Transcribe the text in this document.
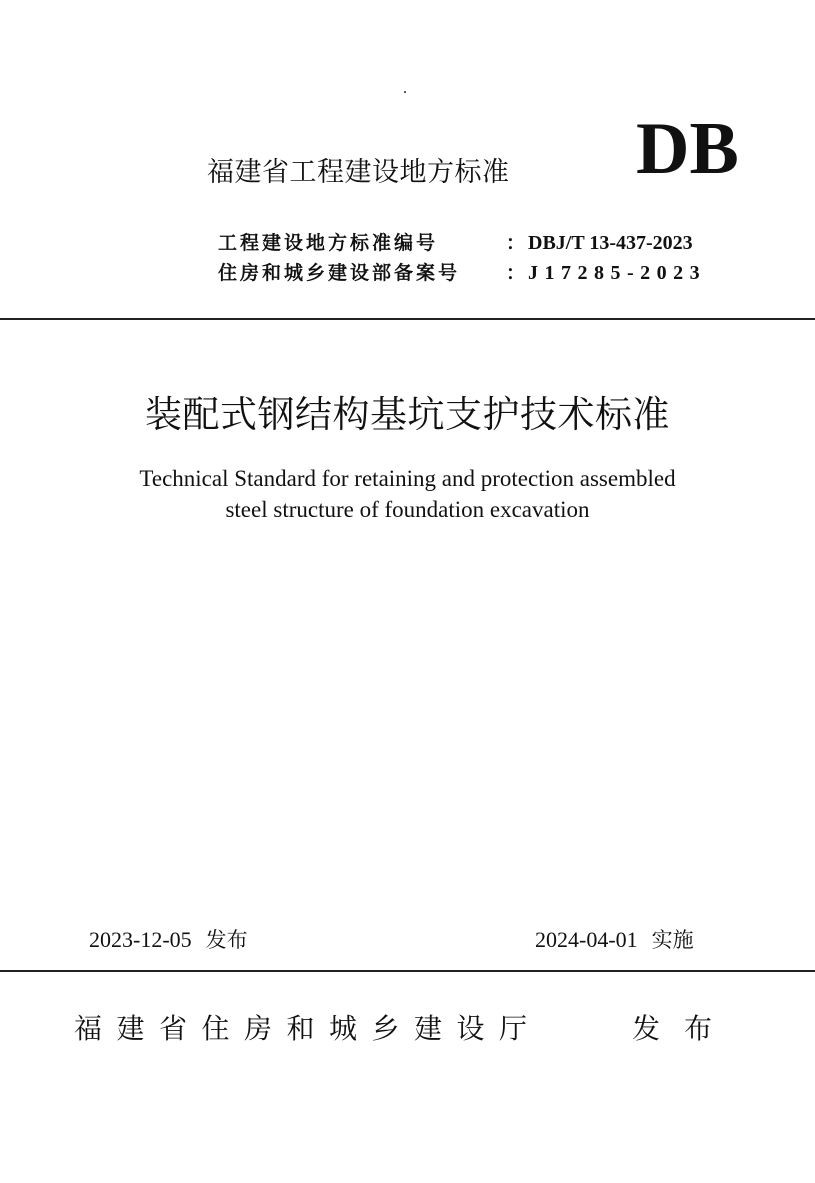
.
福建省工程建设地方标准 DB
工程建设地方标准编号	： DBJ/T 13-437-2023
住房和城乡建设部备案号	： J17285-2023
装配式钢结构基坑支护技术标准
Technical Standard for retaining and protection assembled
steel structure of foundation excavation
2023-12-05 发布	2024-04-01 实施
福建省住房和城乡建设厅	发布
